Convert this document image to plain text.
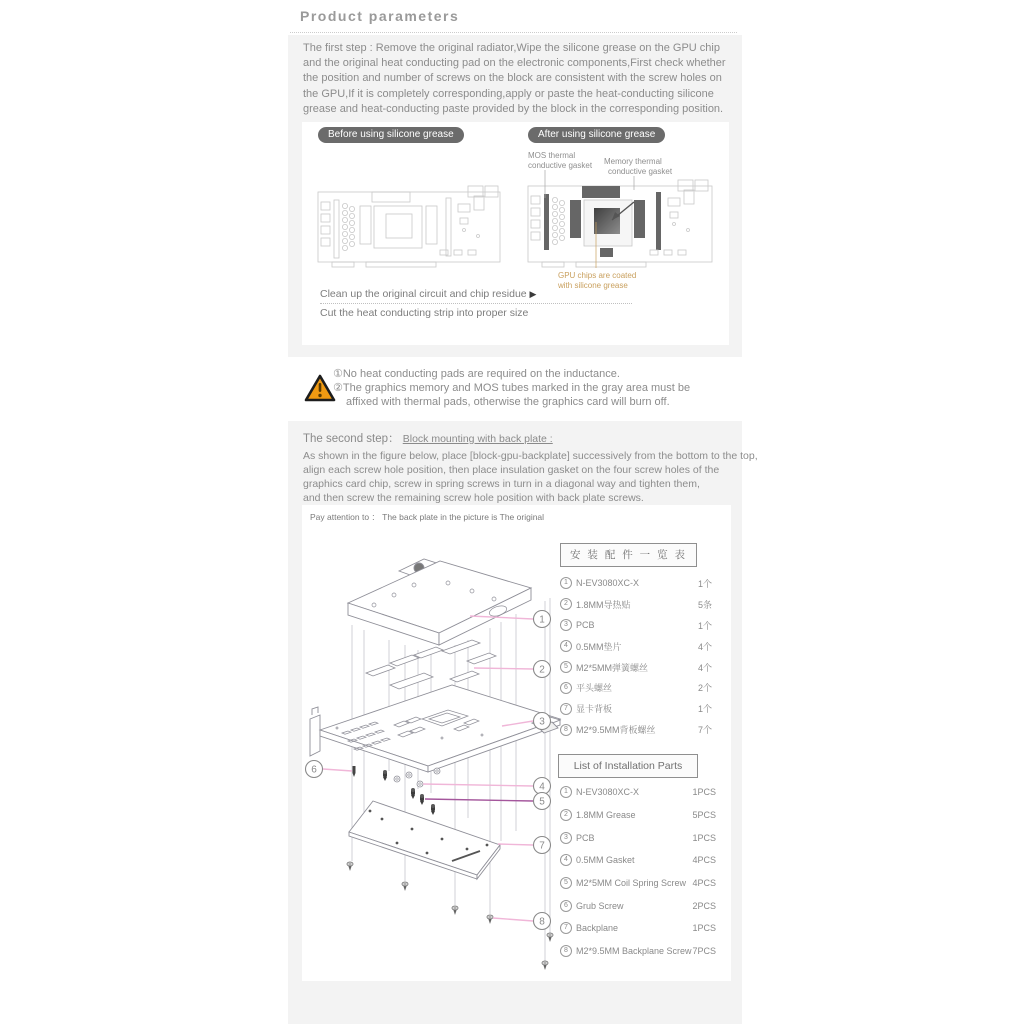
Product parameters
The first step : Remove the original radiator,Wipe the silicone grease on the GPU chip
and the original heat conducting pad on the electronic components,First check whether
the position and number of screws on the block are consistent with the screw holes on
the GPU,If it is completely corresponding,apply or paste the heat-conducting silicone
grease and heat-conducting paste provided by the block in the corresponding position.
Before using silicone grease	After using silicone grease
MOS thermal
conductive gasket Memory thermal
conductive gasket
GPU chips are coated
with silicone grease
Clean up the original circuit and chip residue ▶
Cut the heat conducting strip into proper size
①No heat conducting pads are required on the inductance.
②The graphics memory and MOS tubes marked in the gray area must be
affixed with thermal pads, otherwise the graphics card will burn off.
The second step： Block mounting with back plate :
As shown in the figure below, place [block-gpu-backplate] successively from the bottom to the top,
align each screw hole position, then place insulation gasket on the four screw holes of the
graphics card chip, screw in spring screws in turn in a diagonal way and tighten them,
and then screw the remaining screw hole position with back plate screws.
Pay attention to ： The back plate in the picture is The original
1
2
3
4
5
6
7
8
安 装 配 件 一 览 表
1 N-EV3080XC-X	1个
2 1.8MM导热贴	5条
3 PCB	1个
4 0.5MM垫片	4个
5 M2*5MM弹簧螺丝	4个
6 平头螺丝	2个
7 显卡背板	1个
8 M2*9.5MM背板螺丝	7个
List of Installation Parts
1 N-EV3080XC-X	1PCS
2 1.8MM Grease	5PCS
3 PCB	1PCS
4 0.5MM Gasket	4PCS
5 M2*5MM Coil Spring Screw 4PCS
6 Grub Screw	2PCS
7 Backplane	1PCS
8 M2*9.5MM Backplane Screw 7PCS
